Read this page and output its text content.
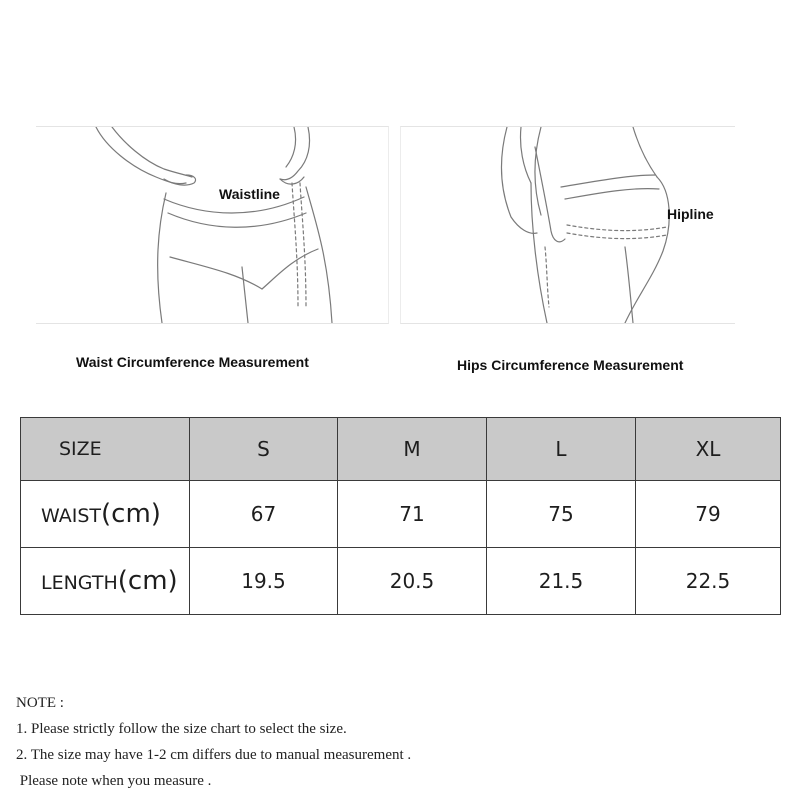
Waistline
Waist Circumference Measurement
Hipline
Hips Circumference Measurement
SIZE	S	M	L	XL
WAIST(cm)	67	71	75	79
LENGTH(cm)	19.5	20.5	21.5	22.5
NOTE :
1. Please strictly follow the size chart to select the size.
2. The size may have 1-2 cm differs due to manual measurement .
Please note when you measure .
